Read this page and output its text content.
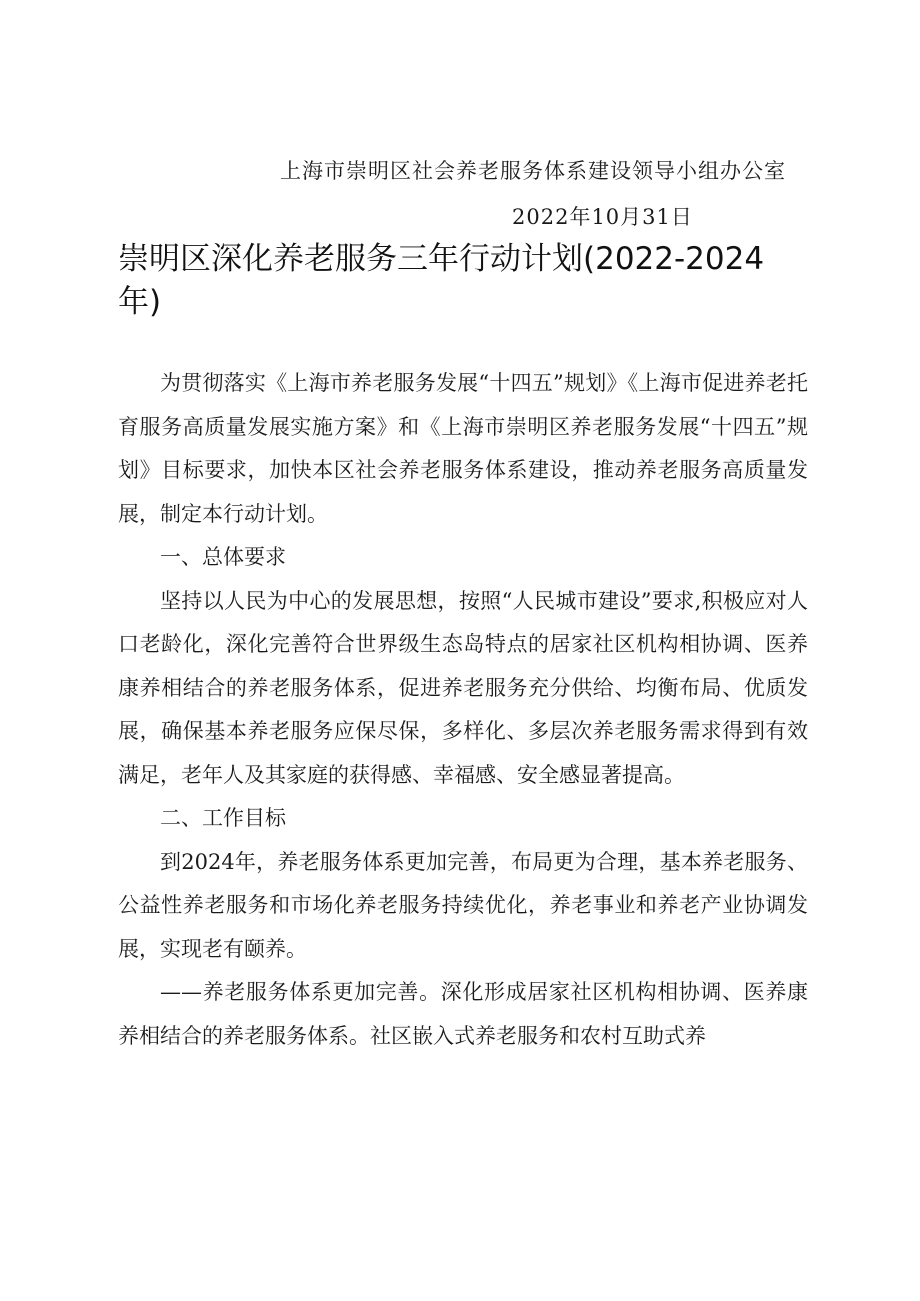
上海市崇明区社会养老服务体系建设领导小组办公室
2022年10月31日
崇明区深化养老服务三年行动计划(2022-2024年)

为贯彻落实《上海市养老服务发展“十四五”规划》《上海市促进养老托育服务高质量发展实施方案》和《上海市崇明区养老服务发展“十四五”规划》目标要求，加快本区社会养老服务体系建设，推动养老服务高质量发展，制定本行动计划。

一、总体要求

坚持以人民为中心的发展思想，按照“人民城市建设”要求,积极应对人口老龄化，深化完善符合世界级生态岛特点的居家社区机构相协调、医养康养相结合的养老服务体系，促进养老服务充分供给、均衡布局、优质发展，确保基本养老服务应保尽保，多样化、多层次养老服务需求得到有效满足，老年人及其家庭的获得感、幸福感、安全感显著提高。

二、工作目标

到2024年，养老服务体系更加完善，布局更为合理，基本养老服务、公益性养老服务和市场化养老服务持续优化，养老事业和养老产业协调发展，实现老有颐养。

——养老服务体系更加完善。深化形成居家社区机构相协调、医养康养相结合的养老服务体系。社区嵌入式养老服务和农村互助式养
